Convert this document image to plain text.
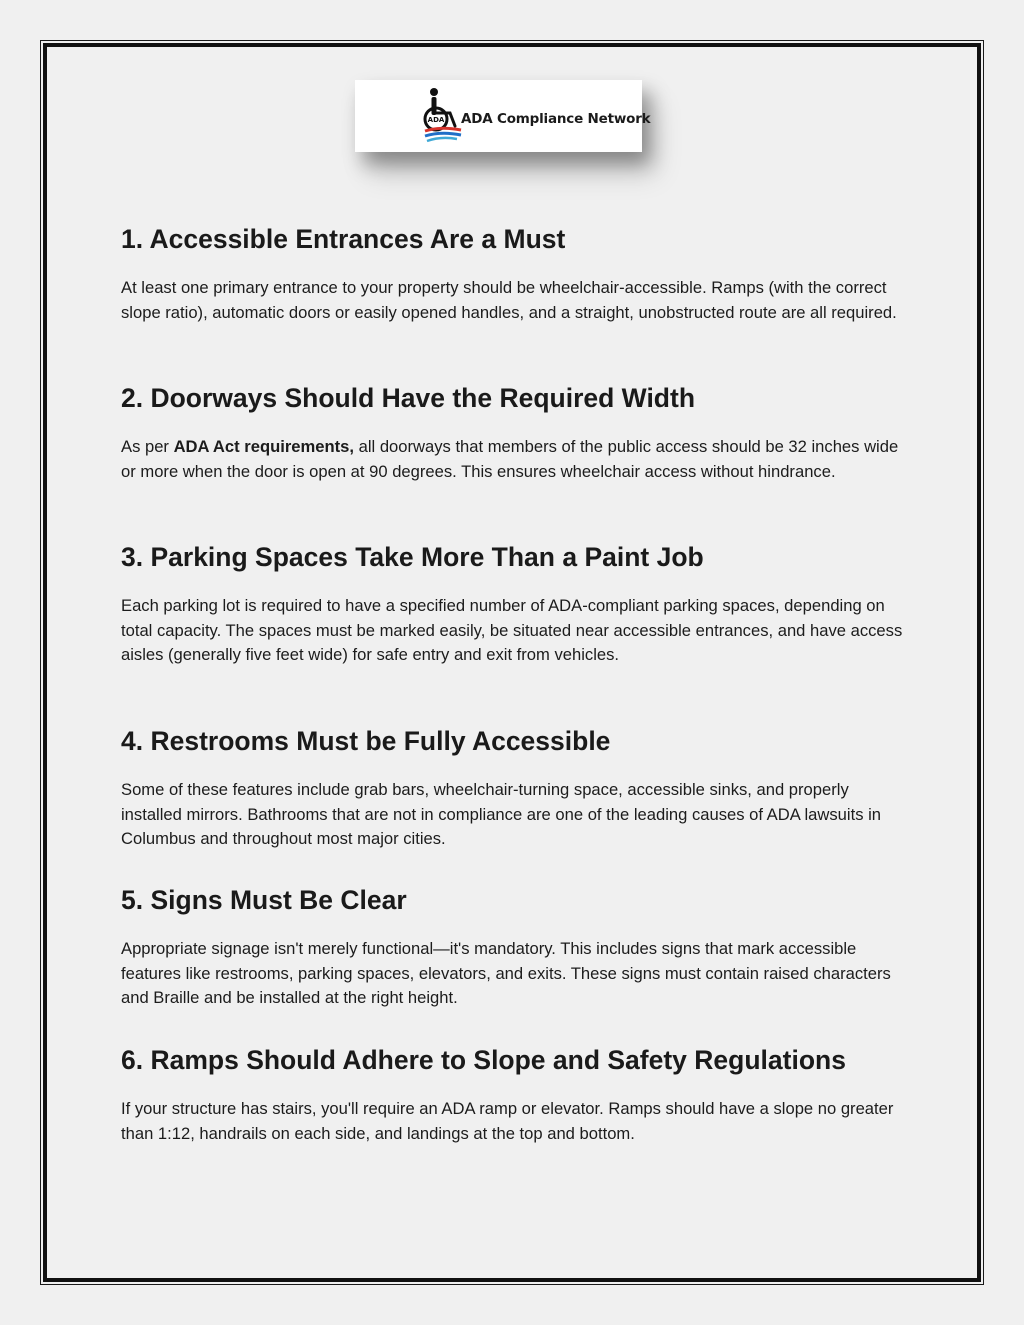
ADA ADA Compliance Network
1. Accessible Entrances Are a Must

At least one primary entrance to your property should be wheelchair-accessible. Ramps (with the correct slope ratio), automatic doors or easily opened handles, and a straight, unobstructed route are all required.

2. Doorways Should Have the Required Width

As per ADA Act requirements, all doorways that members of the public access should be 32 inches wide or more when the door is open at 90 degrees. This ensures wheelchair access without hindrance.

3. Parking Spaces Take More Than a Paint Job

Each parking lot is required to have a specified number of ADA-compliant parking spaces, depending on total capacity. The spaces must be marked easily, be situated near accessible entrances, and have access aisles (generally five feet wide) for safe entry and exit from vehicles.

4. Restrooms Must be Fully Accessible

Some of these features include grab bars, wheelchair-turning space, accessible sinks, and properly installed mirrors. Bathrooms that are not in compliance are one of the leading causes of ADA lawsuits in Columbus and throughout most major cities.

5. Signs Must Be Clear

Appropriate signage isn't merely functional—it's mandatory. This includes signs that mark accessible features like restrooms, parking spaces, elevators, and exits. These signs must contain raised characters and Braille and be installed at the right height.

6. Ramps Should Adhere to Slope and Safety Regulations

If your structure has stairs, you'll require an ADA ramp or elevator. Ramps should have a slope no greater than 1:12, handrails on each side, and landings at the top and bottom.
